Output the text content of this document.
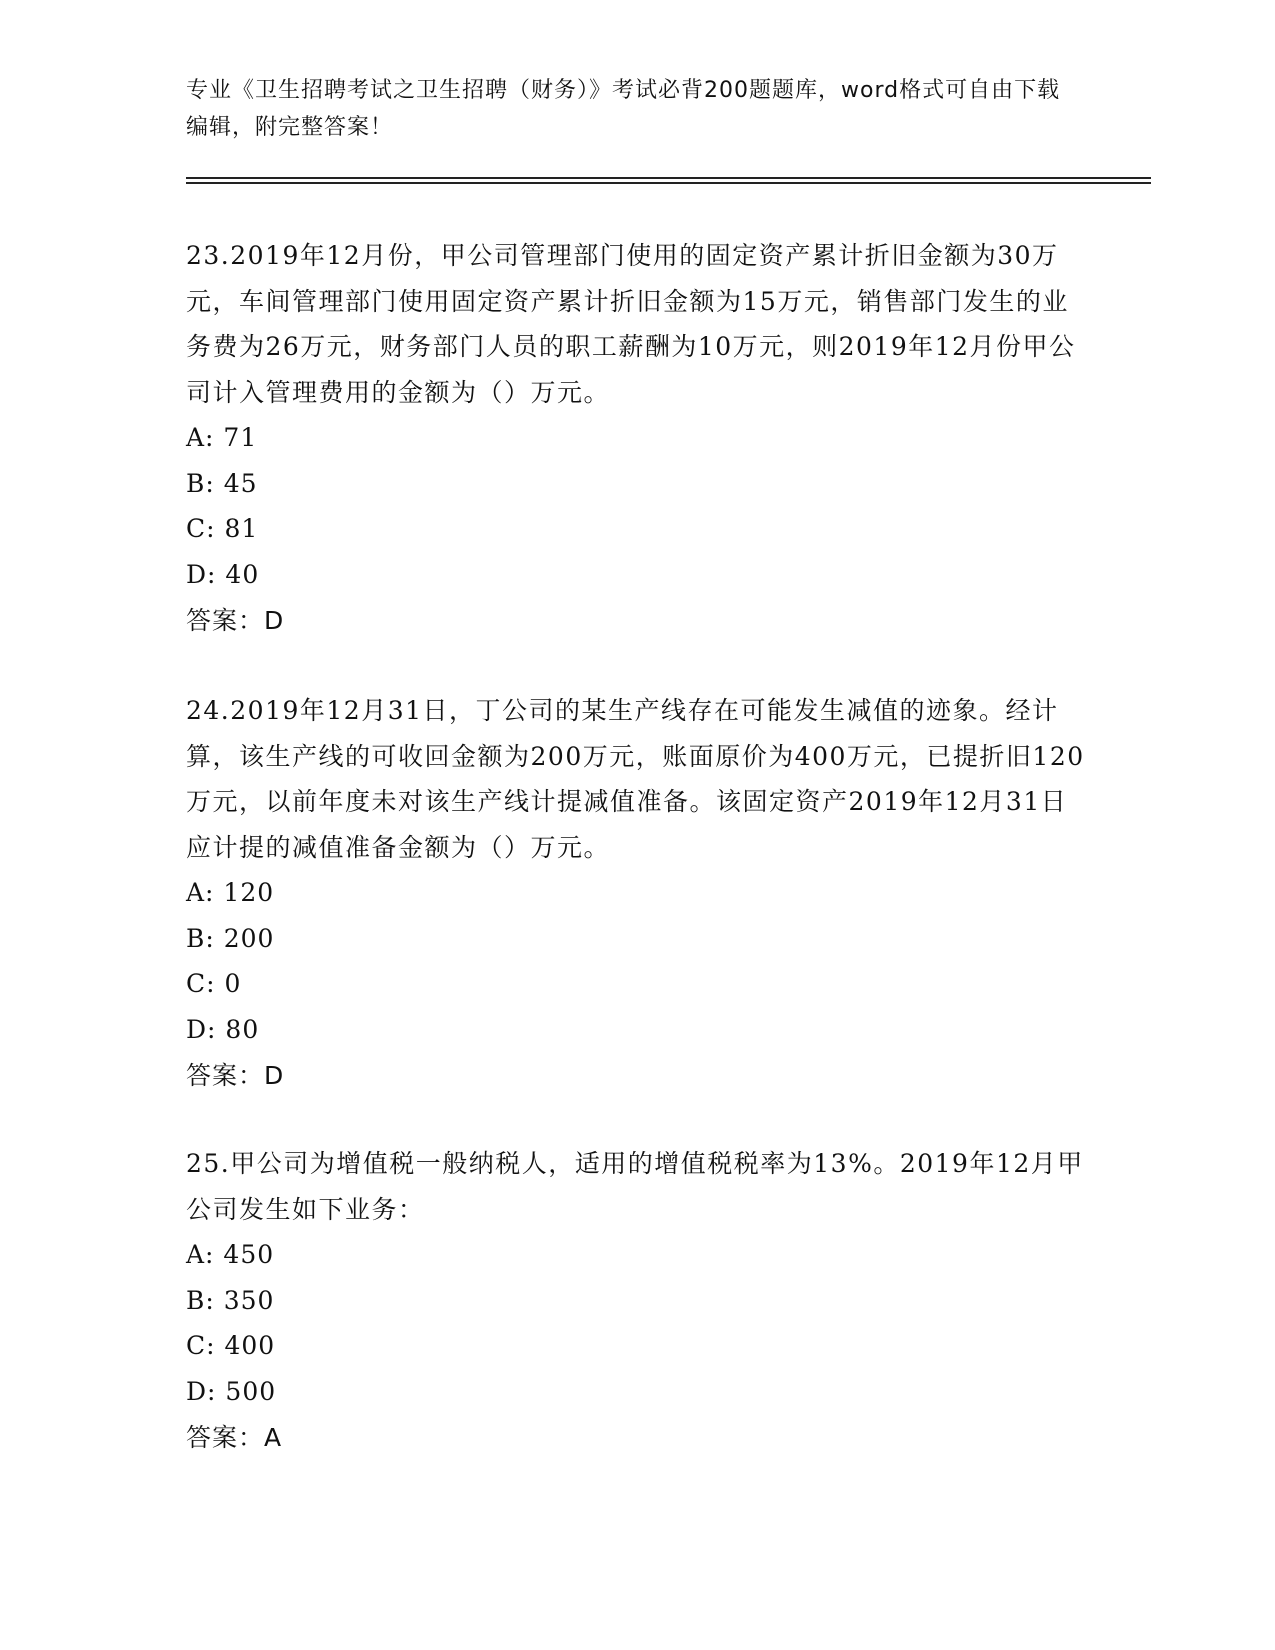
专业《卫生招聘考试之卫生招聘（财务）》考试必背200题题库，word格式可自由下载编辑，附完整答案！
23.2019年12月份，甲公司管理部门使用的固定资产累计折旧金额为30万元，车间管理部门使用固定资产累计折旧金额为15万元，销售部门发生的业务费为26万元，财务部门人员的职工薪酬为10万元，则2019年12月份甲公司计入管理费用的金额为（）万元。
A: 71
B: 45
C: 81
D: 40
答案：D
24.2019年12月31日，丁公司的某生产线存在可能发生减值的迹象。经计算，该生产线的可收回金额为200万元，账面原价为400万元，已提折旧120万元，以前年度未对该生产线计提减值准备。该固定资产2019年12月31日应计提的减值准备金额为（）万元。
A: 120
B: 200
C: 0
D: 80
答案：D
25.甲公司为增值税一般纳税人，适用的增值税税率为13%。2019年12月甲公司发生如下业务：
A: 450
B: 350
C: 400
D: 500
答案：A
